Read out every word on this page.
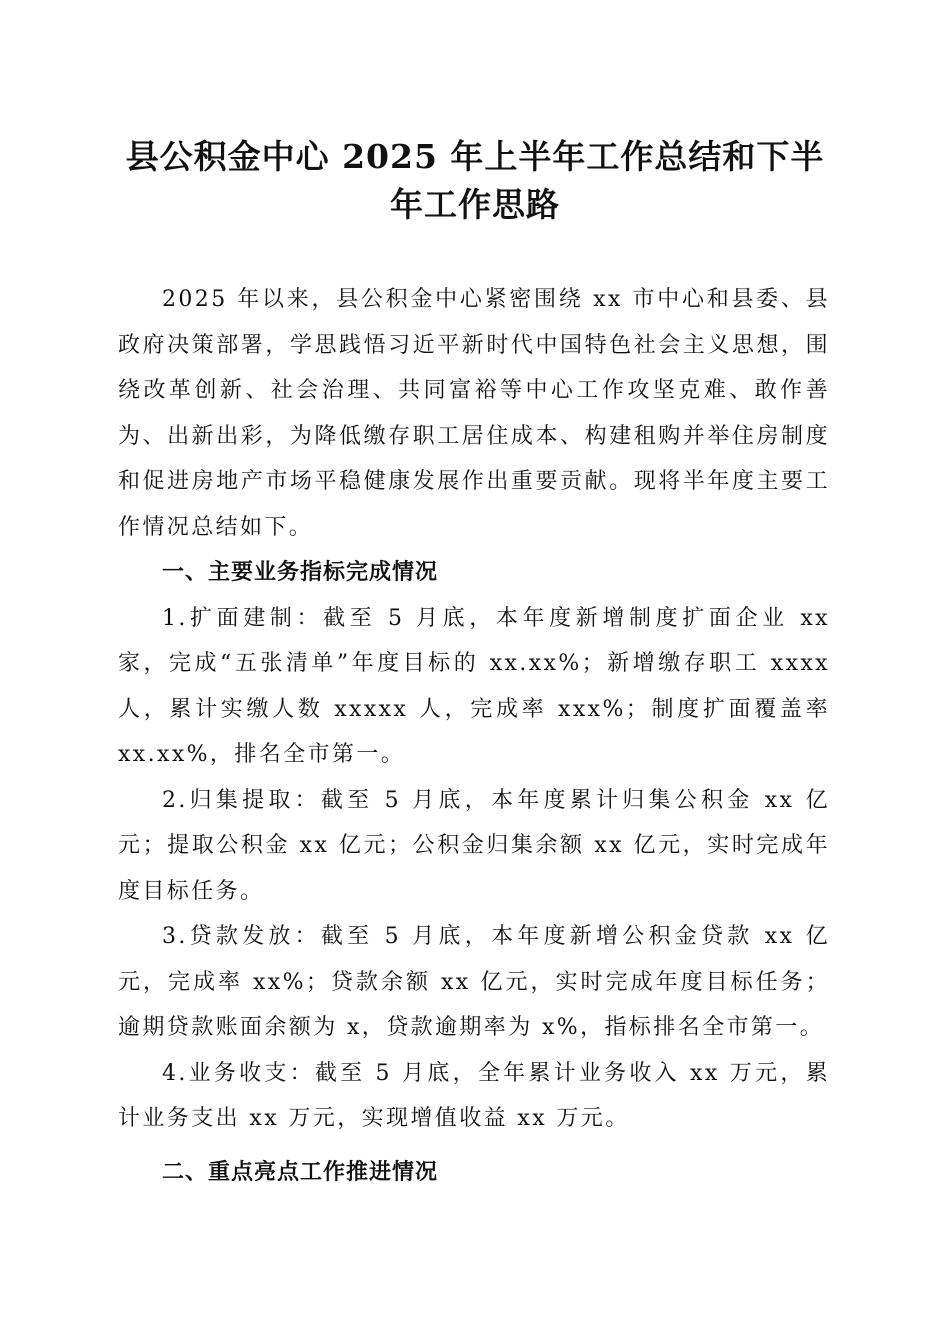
县公积金中心 2025 年上半年工作总结和下半
年工作思路

2025 年以来，县公积金中心紧密围绕 xx 市中心和县委、县政府决策部署，学思践悟习近平新时代中国特色社会主义思想，围绕改革创新、社会治理、共同富裕等中心工作攻坚克难、敢作善为、出新出彩，为降低缴存职工居住成本、构建租购并举住房制度和促进房地产市场平稳健康发展作出重要贡献。现将半年度主要工作情况总结如下。

一、主要业务指标完成情况

1.扩面建制：截至 5 月底，本年度新增制度扩面企业 xx 家，完成“五张清单”年度目标的 xx.xx%；新增缴存职工 xxxx 人，累计实缴人数 xxxxx 人，完成率 xxx%；制度扩面覆盖率 xx.xx%，排名全市第一。

2.归集提取：截至 5 月底，本年度累计归集公积金 xx 亿元；提取公积金 xx 亿元；公积金归集余额 xx 亿元，实时完成年度目标任务。

3.贷款发放：截至 5 月底，本年度新增公积金贷款 xx 亿元，完成率 xx%；贷款余额 xx 亿元，实时完成年度目标任务；逾期贷款账面余额为 x，贷款逾期率为 x%，指标排名全市第一。

4.业务收支：截至 5 月底，全年累计业务收入 xx 万元，累计业务支出 xx 万元，实现增值收益 xx 万元。

二、重点亮点工作推进情况
